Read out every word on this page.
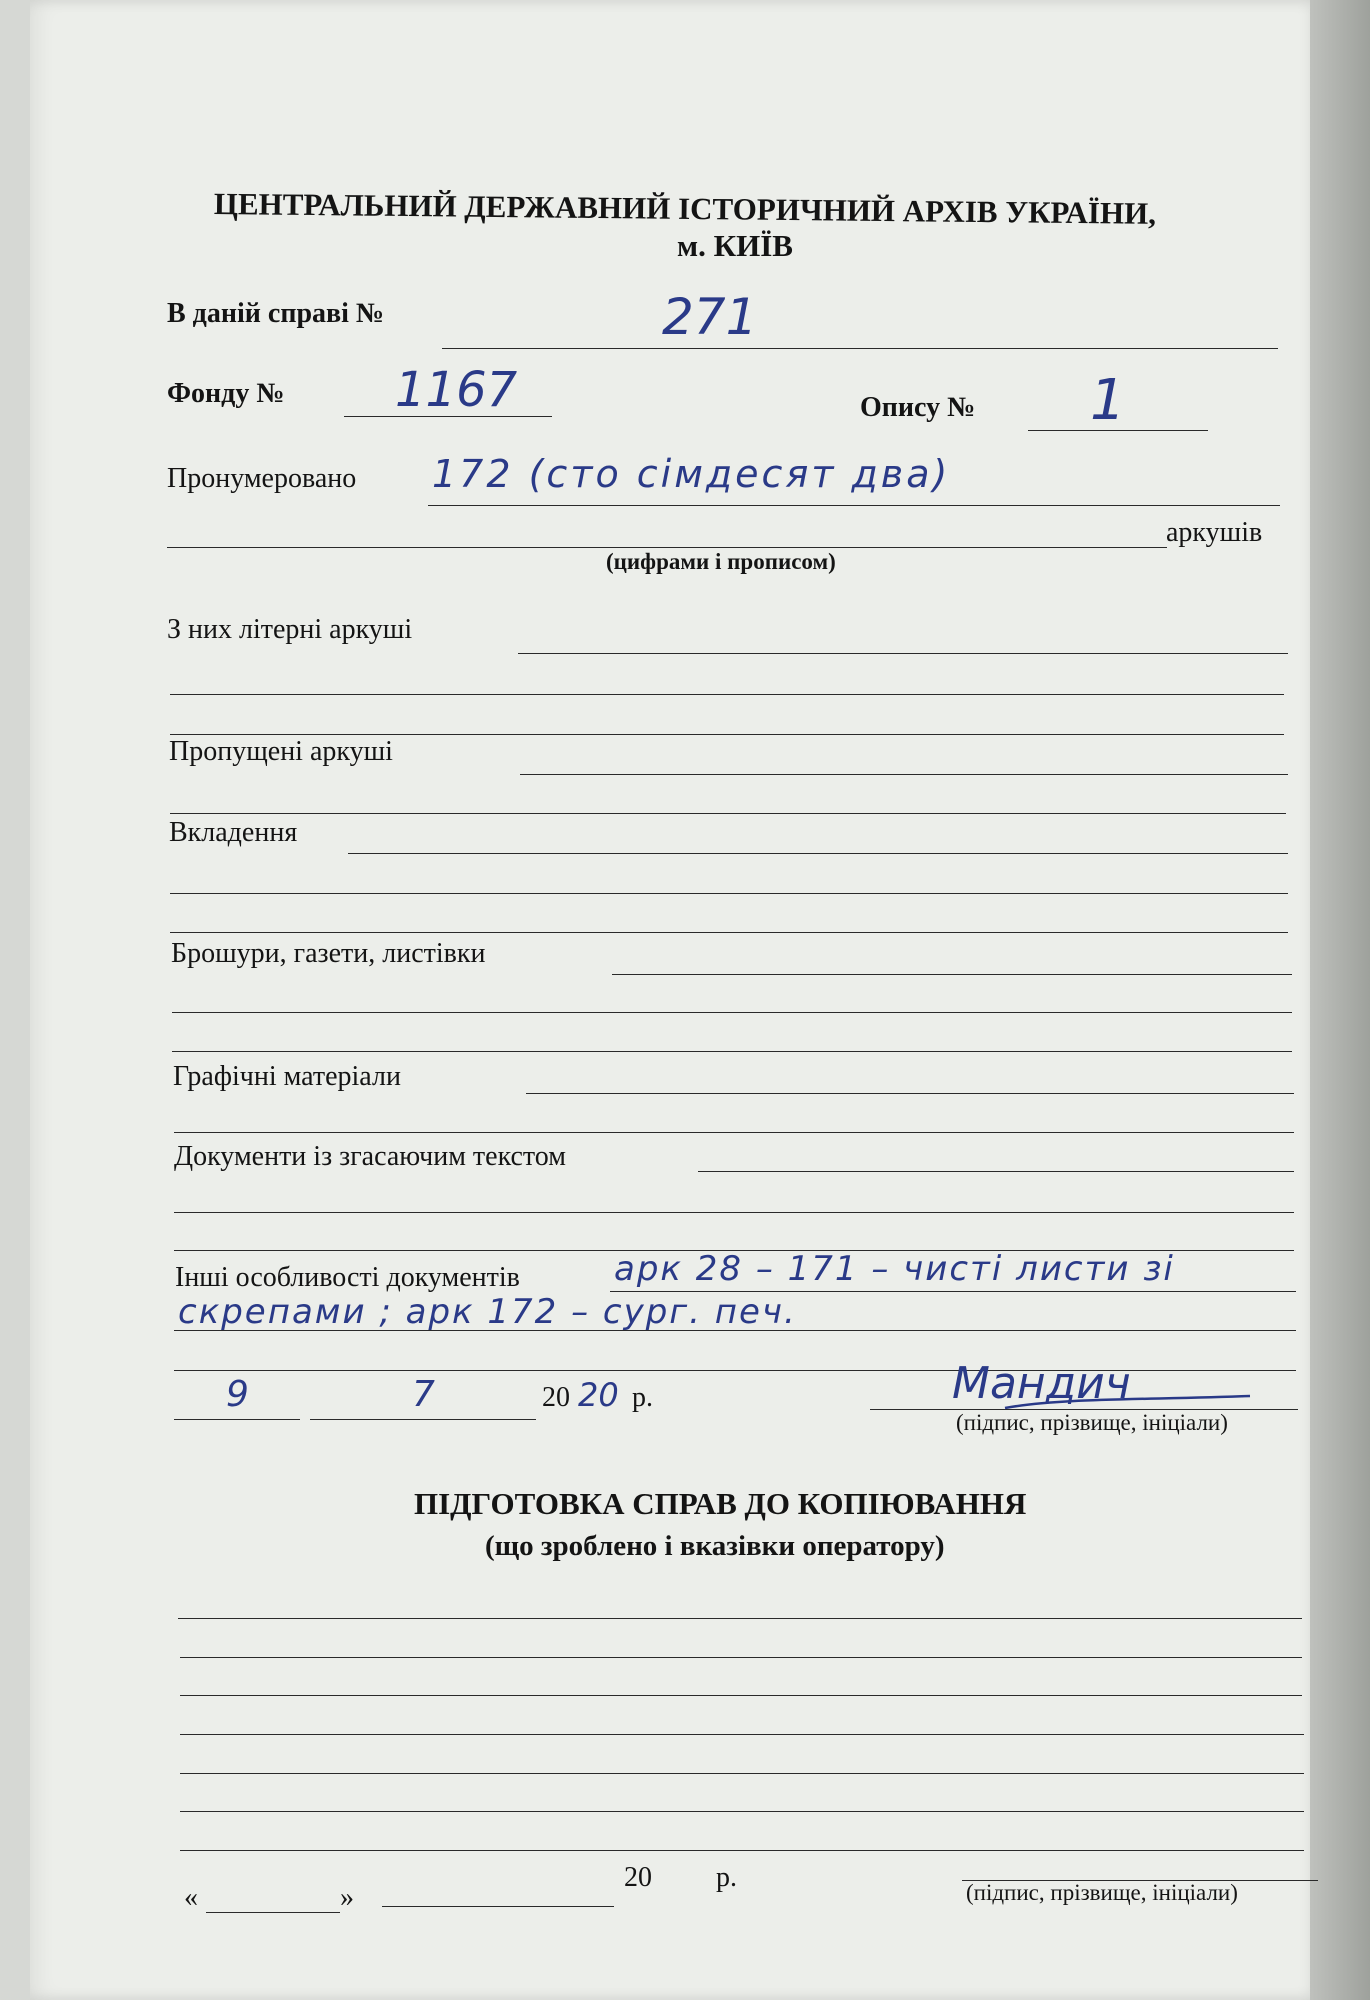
ЦЕНТРАЛЬНИЙ ДЕРЖАВНИЙ ІСТОРИЧНИЙ АРХІВ УКРАЇНИ,
м. КИЇВ
В даній справі №	271
Фонду № 1167	Опису № 1
Пронумеровано 172 (сто сімдесят два)
аркушів
(цифрами і прописом)
З них літерні аркуші
Пропущені аркуші
Вкладення
Брошури, газети, листівки
Графічні матеріали
Документи із згасаючим текстом
Інші особливості документів	арк 28 – 171 – чисті листи зі
скрепами ; арк 172 – сург. печ.
9	7	20 20 р.	Мандич
(підпис, прізвище, ініціали)
ПІДГОТОВКА СПРАВ ДО КОПІЮВАННЯ
(що зроблено і вказівки оператору)
«	»
20 р.	(підпис, прізвище, ініціали)
